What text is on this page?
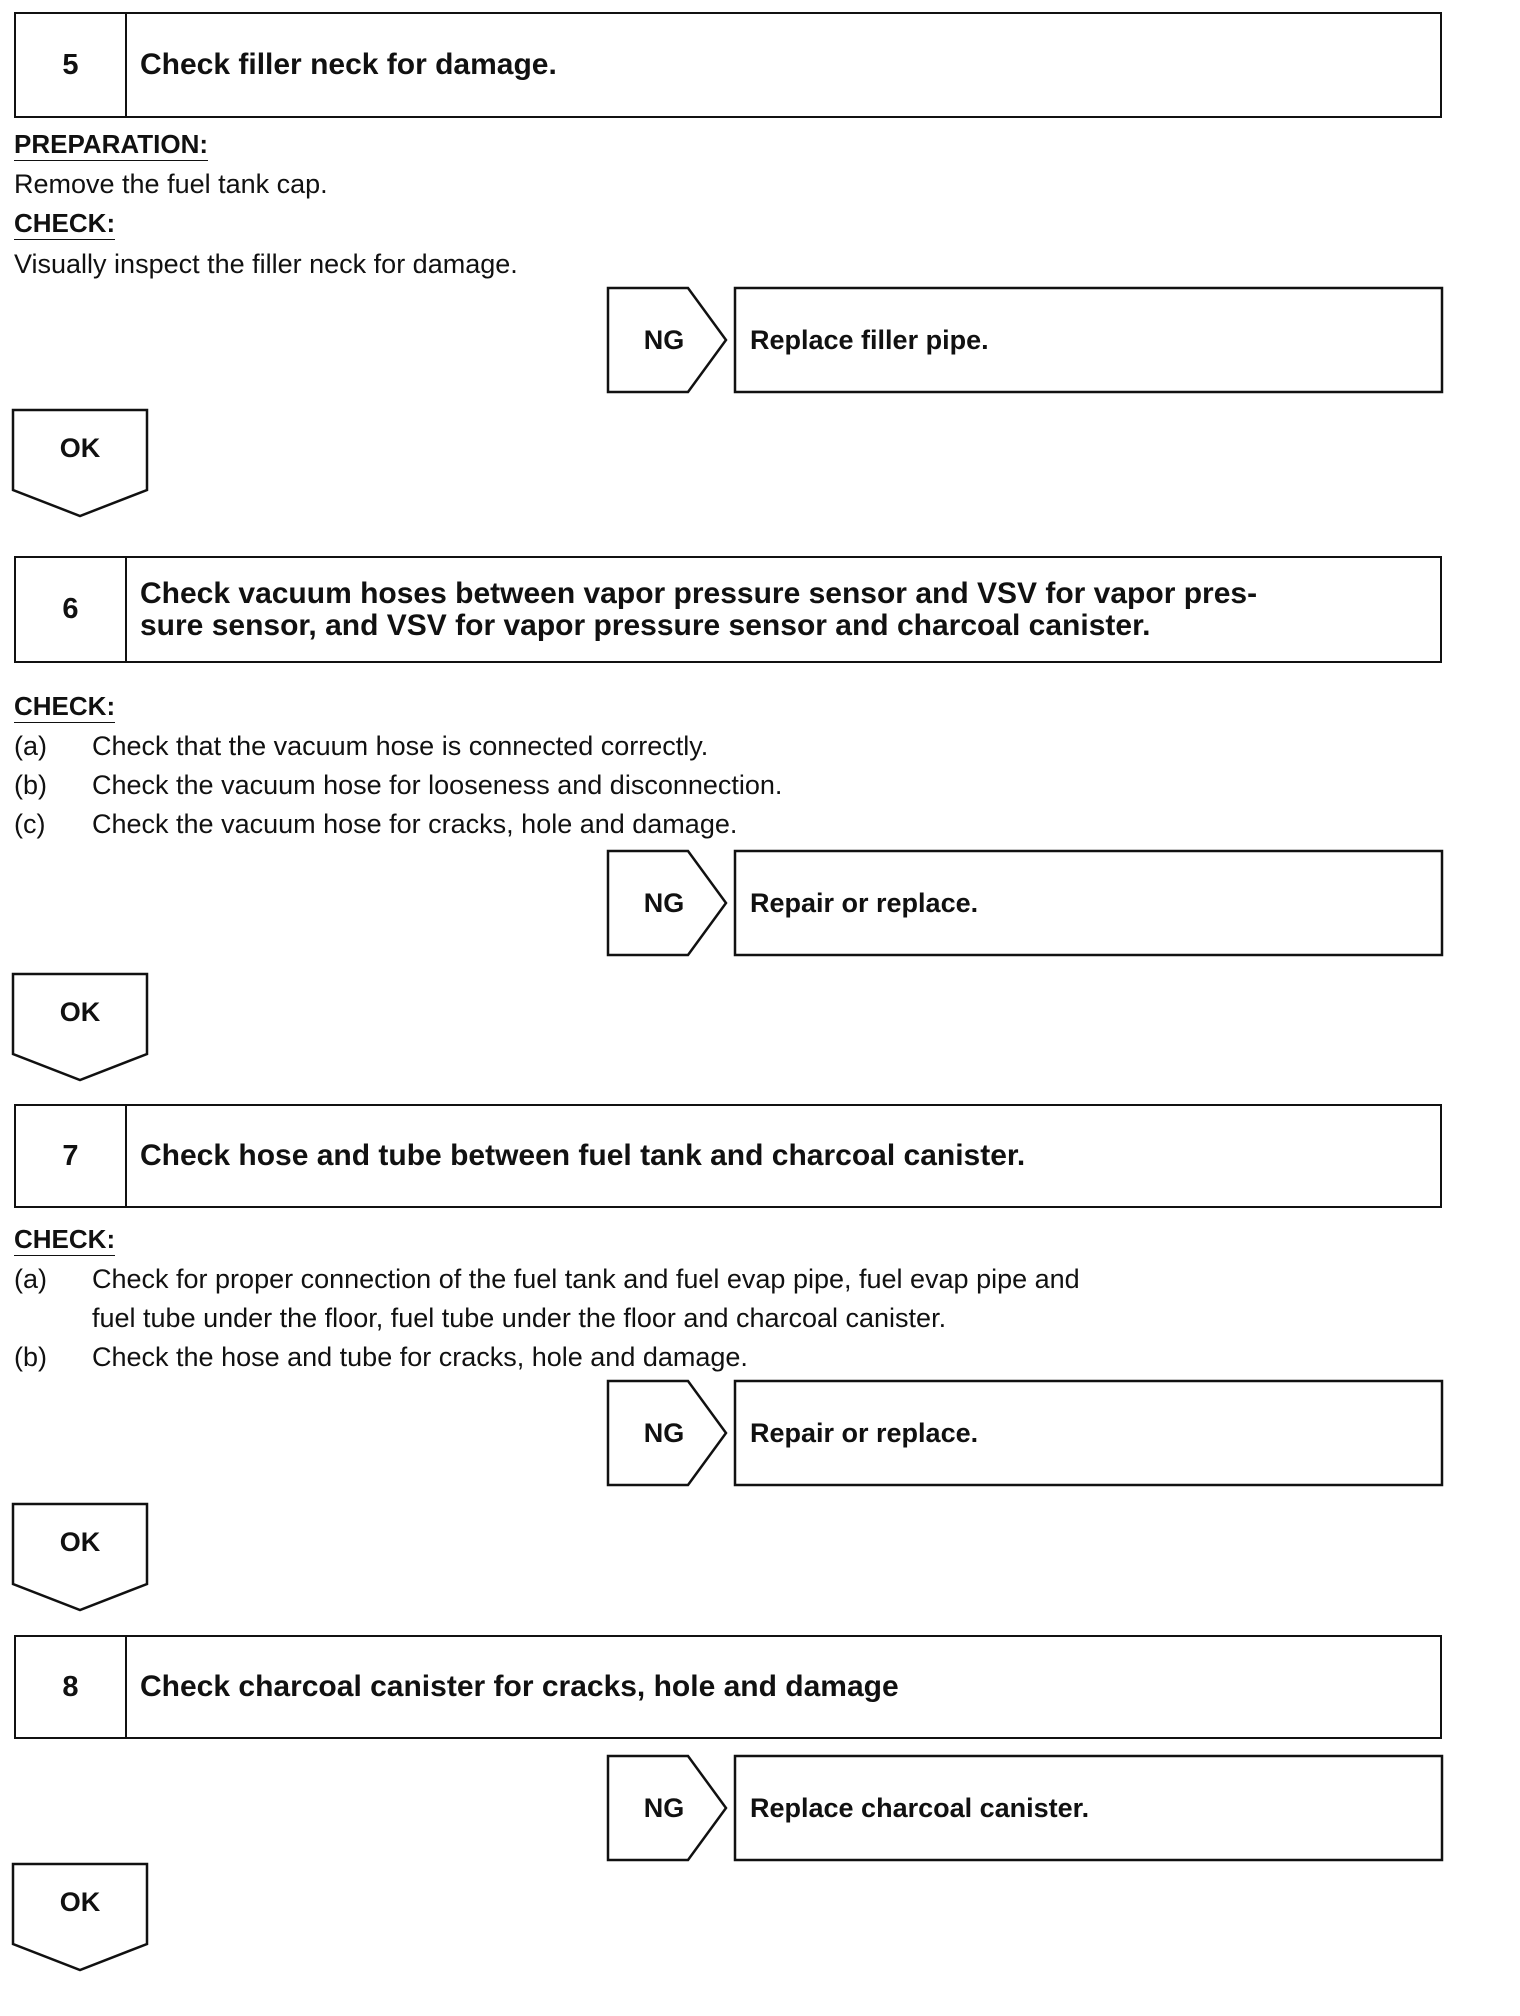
5	Check filler neck for damage.
PREPARATION:
Remove the fuel tank cap.
CHECK:
Visually inspect the filler neck for damage.
NG	Replace filler pipe.
OK
6	Check vacuum hoses between vapor pressure sensor and VSV for vapor pres-
sure sensor, and VSV for vapor pressure sensor and charcoal canister.
CHECK:
(a)	Check that the vacuum hose is connected correctly.
(b)	Check the vacuum hose for looseness and disconnection.
(c)	Check the vacuum hose for cracks, hole and damage.
NG	Repair or replace.
OK
7	Check hose and tube between fuel tank and charcoal canister.
CHECK:
(a)	Check for proper connection of the fuel tank and fuel evap pipe, fuel evap pipe and
fuel tube under the floor, fuel tube under the floor and charcoal canister.
(b)	Check the hose and tube for cracks, hole and damage.
NG	Repair or replace.
OK
8	Check charcoal canister for cracks, hole and damage
NG	Replace charcoal canister.
OK
